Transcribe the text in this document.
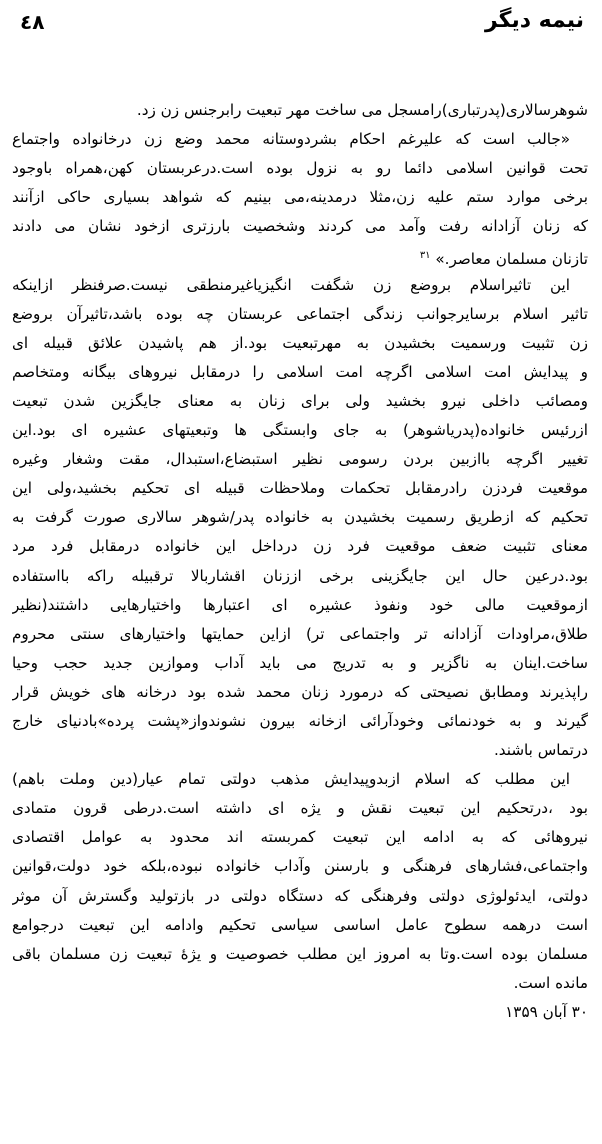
نیمه دیگر
٤٨
شوهرسالاری(پدرتباری)رامسجل می ساخت مهر تبعیت رابرجنس زن زد.
«جالب است که علیرغم احکام بشردوستانه محمد وضع زن درخانواده واجتماع
تحت قوانین اسلامی دائما رو به نزول بوده است.درعربستان کهن،همراه باوجود
برخی موارد ستم علیه زن،مثلا درمدینه،می بینیم که شواهد بسیاری حاکی ازآنند
که زنان آزادانه رفت وآمد می کردند وشخصیت بارزتری ازخود نشان می دادند
تازنان مسلمان معاصر.» $^{۳۱}$
این تاثیراسلام بروضع زن شگفت انگیزیاغیرمنطقی نیست.صرفنظر ازاینکه
تاثیر اسلام برسایرجوانب زندگی اجتماعی عربستان چه بوده باشد،تاثیرآن بروضع
زن تثبیت ورسمیت بخشیدن به مهرتبعیت بود.از هم پاشیدن علائق قبیله ای
و پیدایش امت اسلامی اگرچه امت اسلامی را درمقابل نیروهای بیگانه ومتخاصم
ومصائب داخلی نیرو بخشید ولی برای زنان به معنای جایگزین شدن تبعیت
ازرئیس خانواده(پدریاشوهر) به جای وابستگی ها وتبعیتهای عشیره ای بود.این
تغییر اگرچه باازبین بردن رسومی نظیر استبضاع،استبدال، مقت وشغار وغیره
موقعیت فردزن رادرمقابل تحکمات وملاحظات قبیله ای تحکیم بخشید،ولی این
تحکیم که ازطریق رسمیت بخشیدن به خانواده پدر/شوهر سالاری صورت گرفت به
معنای تثبیت ضعف موقعیت فرد زن درداخل این خانواده درمقابل فرد مرد
بود.درعین حال این جایگزینی برخی اززنان اقشاربالا ترقبیله راکه بااستفاده
ازموقعیت مالی خود ونفوذ عشیره ای اعتبارها واختیارهایی داشتند(نظیر
طلاق،مراودات آزادانه تر واجتماعی تر) ازاین حمایتها واختیارهای سنتی محروم
ساخت.اینان به ناگزیر و به تدریج می باید آداب وموازین جدید حجب وحیا
راپذیرند ومطابق نصیحتی که درمورد زنان محمد شده بود درخانه های خویش قرار
گیرند و به خودنمائی وخودآرائی ازخانه بیرون نشوندواز«پشت پرده»بادنیای خارج
درتماس باشند.
این مطلب که اسلام ازبدوپیدایش مذهب دولتی تمام عیار(دین وملت باهم)
بود ،درتحکیم این تبعیت نقش و یژه ای داشته است.درطی قرون متمادی
نیروهائی که به ادامه این تبعیت کمربسته اند محدود به عوامل اقتصادی
واجتماعی،فشارهای فرهنگی و بارسنن وآداب خانواده نبوده،بلکه خود دولت،قوانین
دولتی، ایدئولوژی دولتی وفرهنگی که دستگاه دولتی در بازتولید وگسترش آن موثر
است درهمه سطوح عامل اساسی سیاسی تحکیم وادامه این تبعیت درجوامع
مسلمان بوده است.وتا به امروز این مطلب خصوصیت و یژهٔ تبعیت زن مسلمان باقی
مانده است.
۳۰ آبان ۱۳۵۹
